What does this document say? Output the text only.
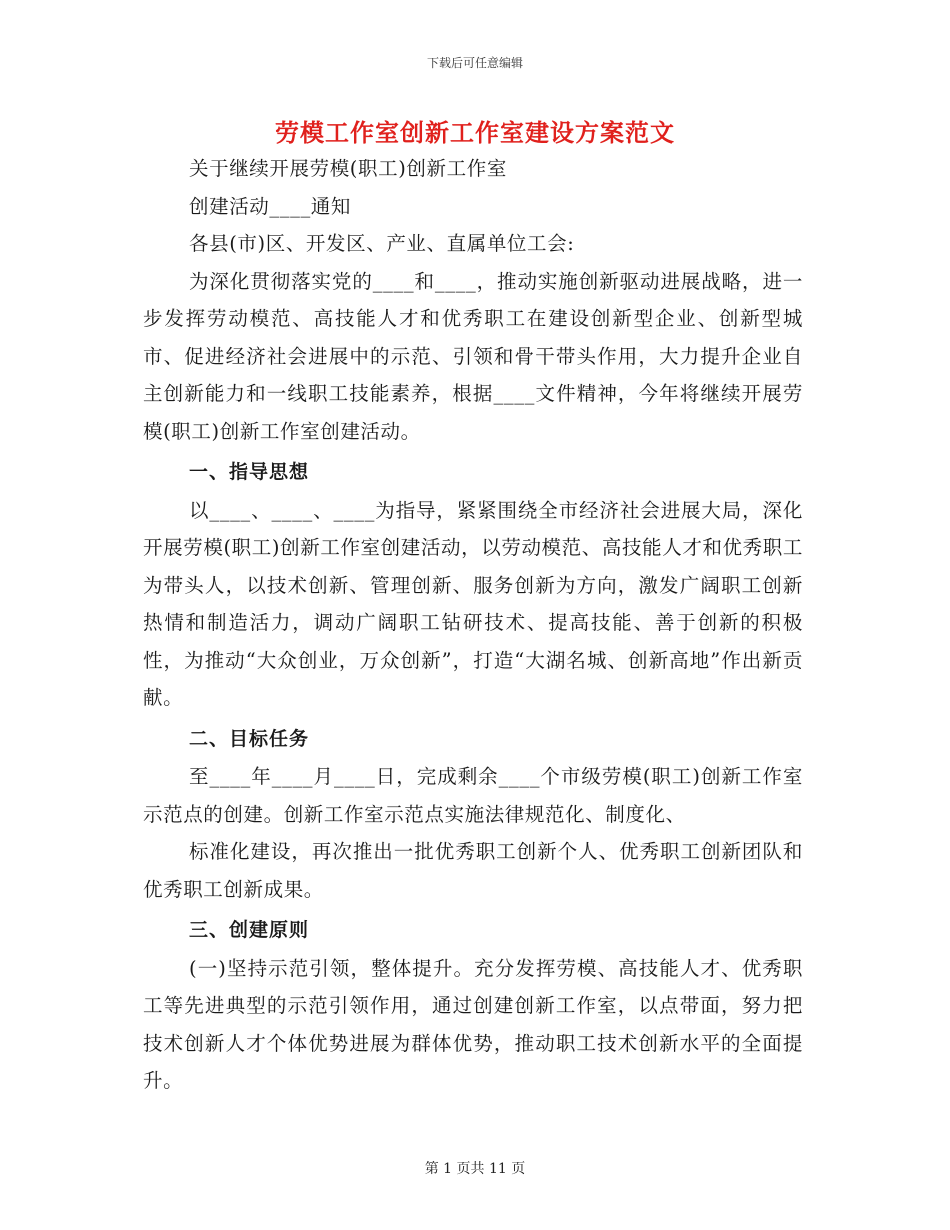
下载后可任意编辑
劳模工作室创新工作室建设方案范文

关于继续开展劳模(职工)创新工作室

创建活动____通知

各县(市)区、开发区、产业、直属单位工会:

为深化贯彻落实党的____和____，推动实施创新驱动进展战略，进一步发挥劳动模范、高技能人才和优秀职工在建设创新型企业、创新型城市、促进经济社会进展中的示范、引领和骨干带头作用，大力提升企业自主创新能力和一线职工技能素养，根据____文件精神，今年将继续开展劳模(职工)创新工作室创建活动。

一、指导思想

以____、____、____为指导，紧紧围绕全市经济社会进展大局，深化开展劳模(职工)创新工作室创建活动，以劳动模范、高技能人才和优秀职工为带头人，以技术创新、管理创新、服务创新为方向，激发广阔职工创新热情和制造活力，调动广阔职工钻研技术、提高技能、善于创新的积极性，为推动“大众创业，万众创新”，打造“大湖名城、创新高地”作出新贡献。

二、目标任务

至____年____月____日，完成剩余____个市级劳模(职工)创新工作室示范点的创建。创新工作室示范点实施法律规范化、制度化、

标准化建设，再次推出一批优秀职工创新个人、优秀职工创新团队和优秀职工创新成果。

三、创建原则

(一)坚持示范引领，整体提升。充分发挥劳模、高技能人才、优秀职工等先进典型的示范引领作用，通过创建创新工作室，以点带面，努力把技术创新人才个体优势进展为群体优势，推动职工技术创新水平的全面提升。

第 1 页共 11 页
